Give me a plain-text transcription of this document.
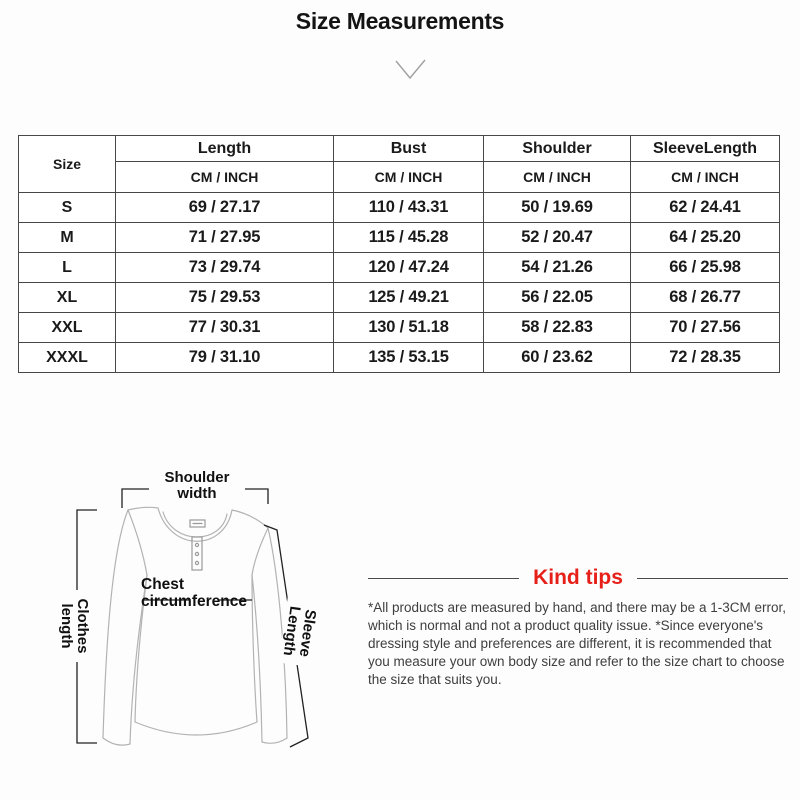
Size Measurements
Size	Length	Bust	Shoulder	SleeveLength
	CM / INCH	CM / INCH	CM / INCH	CM / INCH
S	69 / 27.17	110 / 43.31	50 / 19.69	62 / 24.41
M	71 / 27.95	115 / 45.28	52 / 20.47	64 / 25.20
L	73 / 29.74	120 / 47.24	54 / 21.26	66 / 25.98
XL	75 / 29.53	125 / 49.21	56 / 22.05	68 / 26.77
XXL	77 / 30.31	130 / 51.18	58 / 22.83	70 / 27.56
XXXL	79 / 31.10	135 / 53.15	60 / 23.62	72 / 28.35
Shoulder width
Clothes length
Chest circumference
Sleeve Length
Kind tips
*All products are measured by hand, and there may be a 1-3CM error, which is normal and not a product quality issue. *Since everyone's dressing style and preferences are different, it is recommended that you measure your own body size and refer to the size chart to choose the size that suits you.
